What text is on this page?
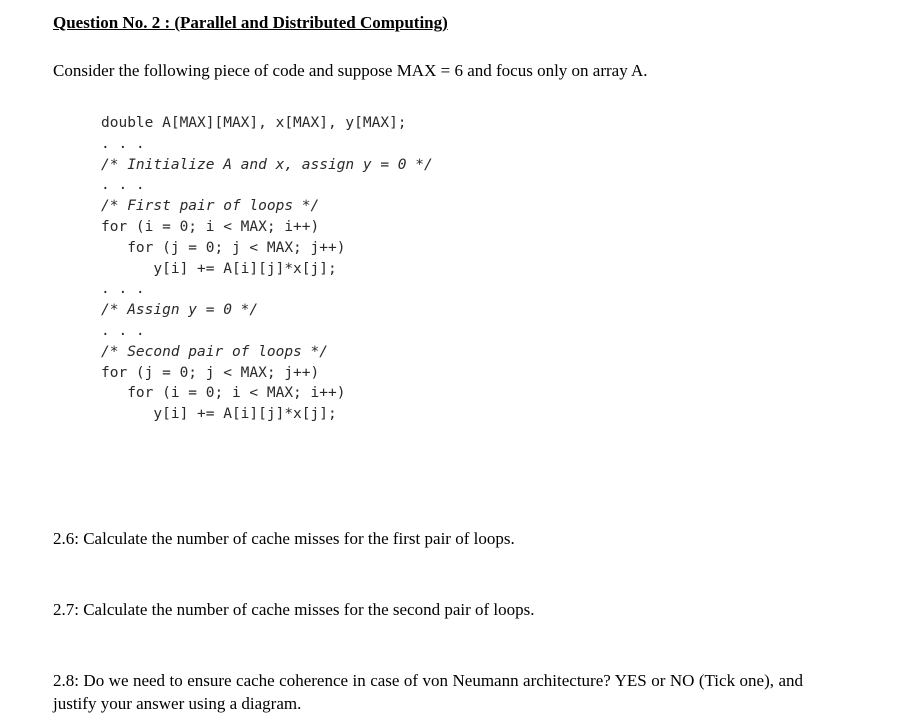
Question No. 2 : (Parallel and Distributed Computing)

Consider the following piece of code and suppose MAX = 6 and focus only on array A.

double A[MAX][MAX], x[MAX], y[MAX];
. . .
/* Initialize A and x, assign y = 0 */
. . .
/* First pair of loops */
for (i = 0; i < MAX; i++)
for (j = 0; j < MAX; j++)
y[i] += A[i][j]*x[j];
. . .
/* Assign y = 0 */
. . .
/* Second pair of loops */
for (j = 0; j < MAX; j++)
for (i = 0; i < MAX; i++)
y[i] += A[i][j]*x[j];

2.6: Calculate the number of cache misses for the first pair of loops.

2.7: Calculate the number of cache misses for the second pair of loops.

2.8: Do we need to ensure cache coherence in case of von Neumann architecture? YES or NO (Tick one), and justify your answer using a diagram.
